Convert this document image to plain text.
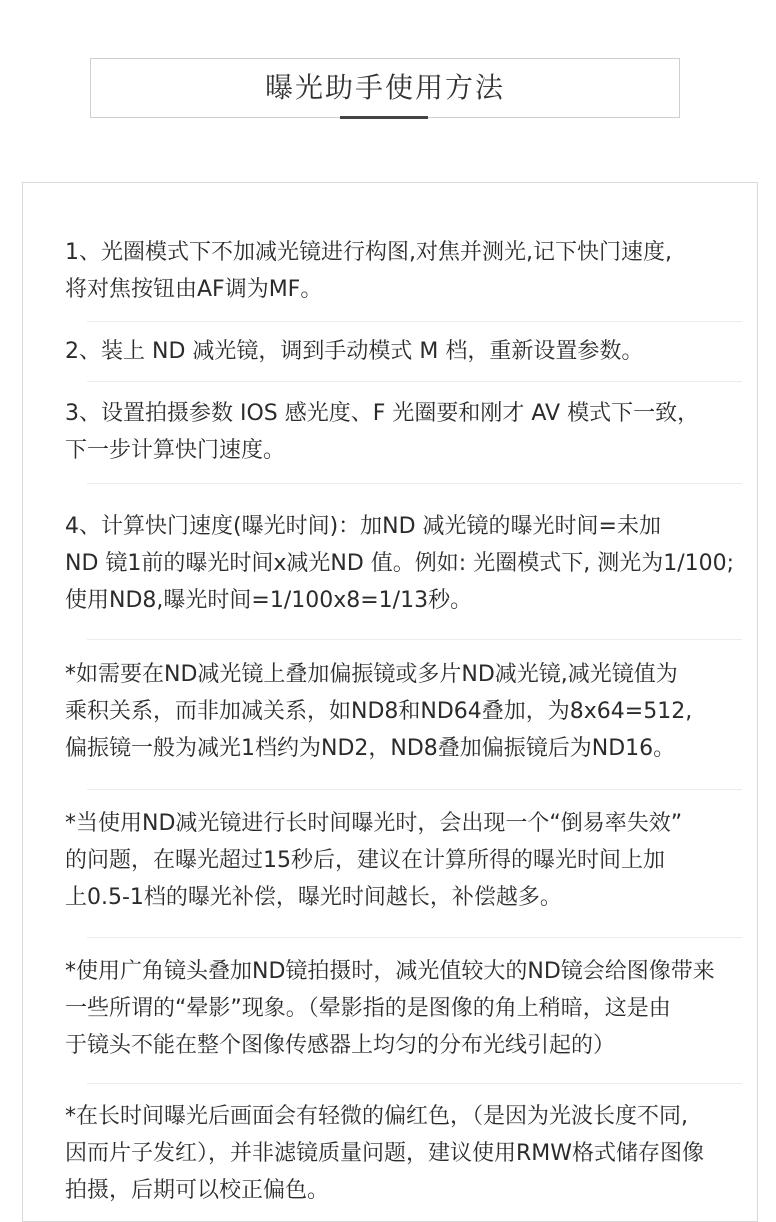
曝光助手使用方法
1、光圈模式下不加减光镜进行构图,对焦并测光,记下快门速度,
将对焦按钮由AF调为MF。
2、装上 ND 减光镜，调到手动模式 M 档，重新设置参数。
3、设置拍摄参数 IOS 感光度、F 光圈要和刚才 AV 模式下一致，
下一步计算快门速度。
4、计算快门速度(曝光时间)：加ND 减光镜的曝光时间=未加
ND 镜1前的曝光时间x减光ND 值。例如: 光圈模式下, 测光为1/100;
使用ND8,曝光时间=1/100x8=1/13秒。
*如需要在ND减光镜上叠加偏振镜或多片ND减光镜,减光镜值为
乘积关系，而非加减关系，如ND8和ND64叠加，为8x64=512,
偏振镜一般为减光1档约为ND2，ND8叠加偏振镜后为ND16。
*当使用ND减光镜进行长时间曝光时，会出现一个“倒易率失效”
的问题，在曝光超过15秒后，建议在计算所得的曝光时间上加
上0.5-1档的曝光补偿，曝光时间越长，补偿越多。
*使用广角镜头叠加ND镜拍摄时，减光值较大的ND镜会给图像带来
一些所谓的“晕影”现象。（晕影指的是图像的角上稍暗，这是由
于镜头不能在整个图像传感器上均匀的分布光线引起的）
*在长时间曝光后画面会有轻微的偏红色，（是因为光波长度不同,
因而片子发红），并非滤镜质量问题，建议使用RMW格式储存图像
拍摄，后期可以校正偏色。
